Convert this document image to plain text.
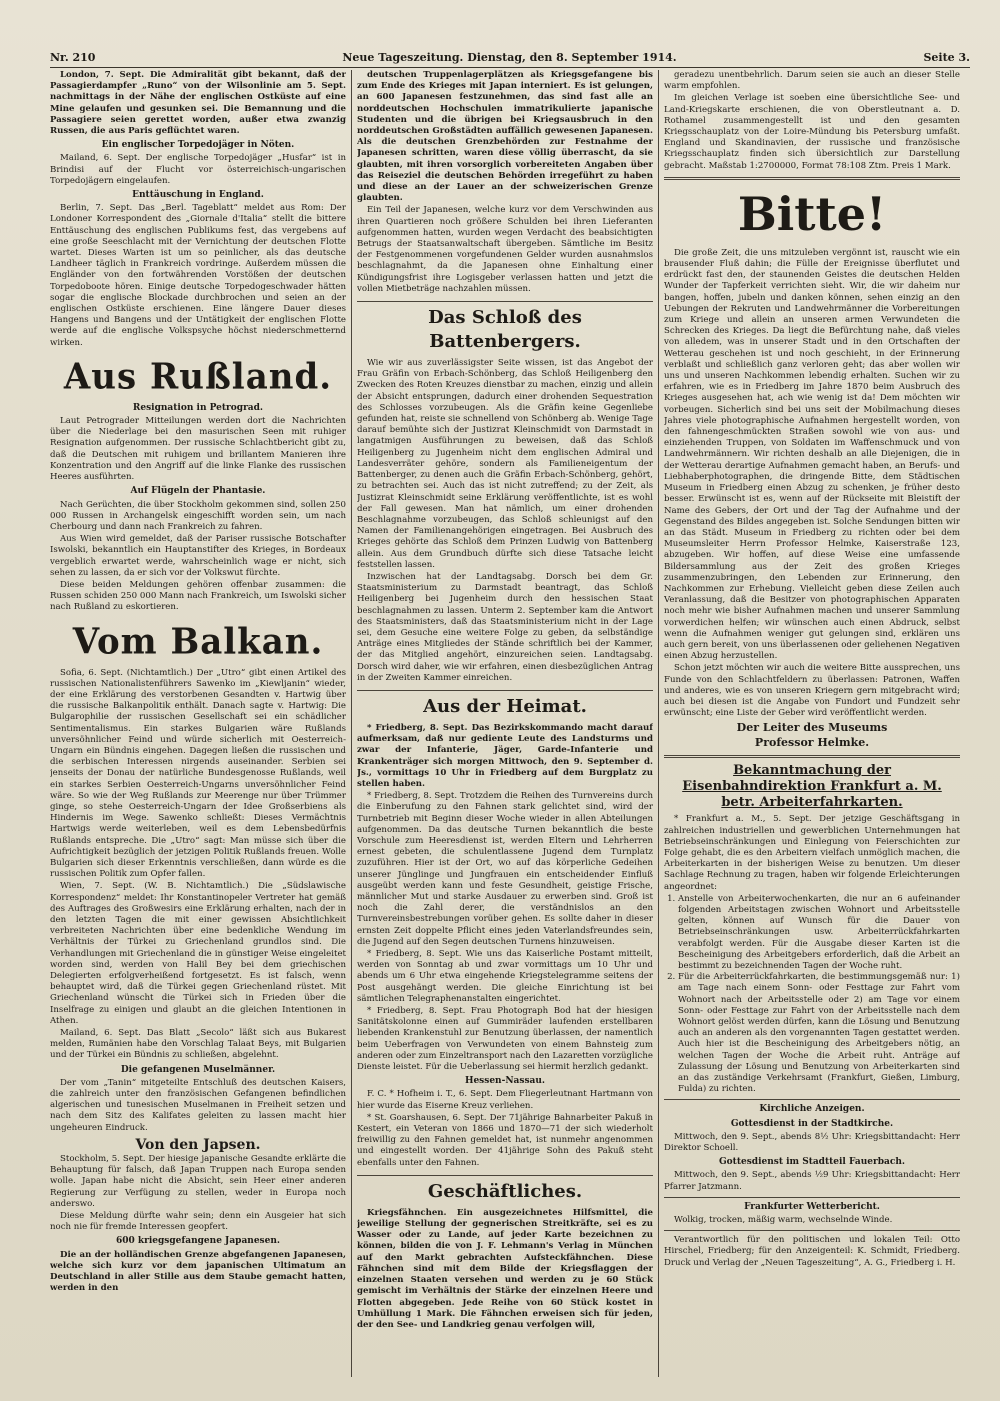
Nr. 210	Neue Tageszeitung. Dienstag, den 8. September 1914.	Seite 3.

London, 7. Sept. Die Admiralität gibt bekannt, daß der Passagierdampfer „Runo“ von der Wilsonlinie am 5. Sept. nachmittags in der Nähe der englischen Ostküste auf eine Mine gelaufen und gesunken sei. Die Bemannung und die Passagiere seien gerettet worden, außer etwa zwanzig Russen, die aus Paris geflüchtet waren.

Ein englischer Torpedojäger in Nöten.

Mailand, 6. Sept. Der englische Torpedojäger „Husfar“ ist in Brindisi auf der Flucht vor österreichisch-ungarischen Torpedojägern eingelaufen.

Enttäuschung in England.

Berlin, 7. Sept. Das „Berl. Tageblatt“ meldet aus Rom: Der Londoner Korrespondent des „Giornale d'Italia“ stellt die bittere Enttäuschung des englischen Publikums fest, das vergebens auf eine große Seeschlacht mit der Vernichtung der deutschen Flotte wartet. Dieses Warten ist um so peinlicher, als das deutsche Landheer täglich in Frankreich vordringe. Außerdem müssen die Engländer von den fortwährenden Vorstößen der deutschen Torpedoboote hören. Einige deutsche Torpedogeschwader hätten sogar die englische Blockade durchbrochen und seien an der englischen Ostküste erschienen. Eine längere Dauer dieses Hangens und Bangens und der Untätigkeit der englischen Flotte werde auf die englische Volkspsyche höchst niederschmetternd wirken.

Aus Rußland.
Resignation in Petrograd.

Laut Petrograder Mitteilungen werden dort die Nachrichten über die Niederlage bei den masurischen Seen mit ruhiger Resignation aufgenommen. Der russische Schlachtbericht gibt zu, daß die Deutschen mit ruhigem und brillantem Manieren ihre Konzentration und den Angriff auf die linke Flanke des russischen Heeres ausführten.

Auf Flügeln der Phantasie.

Nach Gerüchten, die über Stockholm gekommen sind, sollen 250 000 Russen in Archangelsk eingeschifft worden sein, um nach Cherbourg und dann nach Frankreich zu fahren.

Aus Wien wird gemeldet, daß der Pariser russische Botschafter Iswolski, bekanntlich ein Hauptanstifter des Krieges, in Bordeaux vergeblich erwartet werde, wahrscheinlich wage er nicht, sich sehen zu lassen, da er sich vor der Volkswut fürchte.

Diese beiden Meldungen gehören offenbar zusammen: die Russen schiden 250 000 Mann nach Frankreich, um Iswolski sicher nach Rußland zu eskortieren.

Vom Balkan.

Sofia, 6. Sept. (Nichtamtlich.) Der „Utro“ gibt einen Artikel des russischen Nationalistenführers Sawenko im „Kiewljanin“ wieder, der eine Erklärung des verstorbenen Gesandten v. Hartwig über die russische Balkanpolitik enthält. Danach sagte v. Hartwig: Die Bulgarophilie der russischen Gesellschaft sei ein schädlicher Sentimentalismus. Ein starkes Bulgarien wäre Rußlands unversöhnlicher Feind und würde sicherlich mit Oesterreich-Ungarn ein Bündnis eingehen. Dagegen ließen die russischen und die serbischen Interessen nirgends auseinander. Serbien sei jenseits der Donau der natürliche Bundesgenosse Rußlands, weil ein starkes Serbien Oesterreich-Ungarns unversöhnlicher Feind wäre. So wie der Weg Rußlands zur Meerenge nur über Trümmer ginge, so stehe Oesterreich-Ungarn der Idee Großserbiens als Hindernis im Wege. Sawenko schließt: Dieses Vermächtnis Hartwigs werde weiterleben, weil es dem Lebensbedürfnis Rußlands entspreche. Die „Utro“ sagt: Man müsse sich über die Aufrichtigkeit bezüglich der jetzigen Politik Rußlands freuen. Wolle Bulgarien sich dieser Erkenntnis verschließen, dann würde es die russischen Politik zum Opfer fallen.

Wien, 7. Sept. (W. B. Nichtamtlich.) Die „Südslawische Korrespondenz“ meldet: Ihr Konstantinopeler Vertreter hat gemäß des Auftrages des Großwesirs eine Erklärung erhalten, nach der in den letzten Tagen die mit einer gewissen Absichtlichkeit verbreiteten Nachrichten über eine bedenkliche Wendung im Verhältnis der Türkei zu Griechenland grundlos sind. Die Verhandlungen mit Griechenland die in günstiger Weise eingeleitet worden sind, werden von Halil Bey bei dem griechischen Delegierten erfolgverheißend fortgesetzt. Es ist falsch, wenn behauptet wird, daß die Türkei gegen Griechenland rüstet. Mit Griechenland wünscht die Türkei sich in Frieden über die Inselfrage zu einigen und glaubt an die gleichen Intentionen in Athen.

Mailand, 6. Sept. Das Blatt „Secolo“ läßt sich aus Bukarest melden, Rumänien habe den Vorschlag Talaat Beys, mit Bulgarien und der Türkei ein Bündnis zu schließen, abgelehnt.

Die gefangenen Muselmänner.

Der vom „Tanin“ mitgeteilte Entschluß des deutschen Kaisers, die zahlreich unter den französischen Gefangenen befindlichen algerischen und tunesischen Muselmanen in Freiheit setzen und nach dem Sitz des Kalifates geleiten zu lassen macht hier ungeheuren Eindruck.

Von den Japsen.

Stockholm, 5. Sept. Der hiesige japanische Gesandte erklärte die Behauptung für falsch, daß Japan Truppen nach Europa senden wolle. Japan habe nicht die Absicht, sein Heer einer anderen Regierung zur Verfügung zu stellen, weder in Europa noch anderswo.

Diese Meldung dürfte wahr sein; denn ein Ausgeier hat sich noch nie für fremde Interessen geopfert.

600 kriegsgefangene Japanesen.

Die an der holländischen Grenze abgefangenen Japanesen, welche sich kurz vor dem japanischen Ultimatum an Deutschland in aller Stille aus dem Staube gemacht hatten, werden in den

deutschen Truppenlagerplätzen als Kriegsgefangene bis zum Ende des Krieges mit Japan interniert. Es ist gelungen, an 600 Japanesen festzunehmen, das sind fast alle an norddeutschen Hochschulen immatrikulierte japanische Studenten und die übrigen bei Kriegsausbruch in den norddeutschen Großstädten auffällich gewesenen Japanesen. Als die deutschen Grenzbehörden zur Festnahme der Japanesen schritten, waren diese völlig überrascht, da sie glaubten, mit ihren vorsorglich vorbereiteten Angaben über das Reiseziel die deutschen Behörden irregeführt zu haben und diese an der Lauer an der schweizerischen Grenze glaubten.

Ein Teil der Japanesen, welche kurz vor dem Verschwinden aus ihren Quartieren noch größere Schulden bei ihren Lieferanten aufgenommen hatten, wurden wegen Verdacht des beabsichtigten Betrugs der Staatsanwaltschaft übergeben. Sämtliche im Besitz der Festgenommenen vorgefundenen Gelder wurden ausnahmslos beschlagnahmt, da die Japanesen ohne Einhaltung einer Kündigungsfrist ihre Logisgeber verlassen hatten und jetzt die vollen Mietbeträge nachzahlen müssen.

Das Schloß des Battenbergers.

Wie wir aus zuverlässigster Seite wissen, ist das Angebot der Frau Gräfin von Erbach-Schönberg, das Schloß Heiligenberg den Zwecken des Roten Kreuzes dienstbar zu machen, einzig und allein der Absicht entsprungen, dadurch einer drohenden Sequestration des Schlosses vorzubeugen. Als die Gräfin keine Gegenliebe gefunden hat, reiste sie schnellend von Schönberg ab. Wenige Tage darauf bemühte sich der Justizrat Kleinschmidt von Darmstadt in langatmigen Ausführungen zu beweisen, daß das Schloß Heiligenberg zu Jugenheim nicht dem englischen Admiral und Landesverräter gehöre, sondern als Familieneigentum der Battenberger, zu denen auch die Gräfin Erbach-Schönberg, gehört, zu betrachten sei. Auch das ist nicht zutreffend; zu der Zeit, als Justizrat Kleinschmidt seine Erklärung veröffentlichte, ist es wohl der Fall gewesen. Man hat nämlich, um einer drohenden Beschlagnahme vorzubeugen, das Schloß schleunigst auf den Namen der Familienangehörigen eingetragen. Bei Ausbruch des Krieges gehörte das Schloß dem Prinzen Ludwig von Battenberg allein. Aus dem Grundbuch dürfte sich diese Tatsache leicht feststellen lassen.

Inzwischen hat der Landtagsabg. Dorsch bei dem Gr. Staatsministerium zu Darmstadt beantragt, das Schloß Heiligenberg bei Jugenheim durch den hessischen Staat beschlagnahmen zu lassen. Unterm 2. September kam die Antwort des Staatsministers, daß das Staatsministerium nicht in der Lage sei, dem Gesuche eine weitere Folge zu geben, da selbständige Anträge eines Mitgliedes der Stände schriftlich bei der Kammer, der das Mitglied angehört, einzureichen seien. Landtagsabg. Dorsch wird daher, wie wir erfahren, einen diesbezüglichen Antrag in der Zweiten Kammer einreichen.

Aus der Heimat.

* Friedberg, 8. Sept. Das Bezirkskommando macht darauf aufmerksam, daß nur gediente Leute des Landsturms und zwar der Infanterie, Jäger, Garde-Infanterie und Krankenträger sich morgen Mittwoch, den 9. September d. Js., vormittags 10 Uhr in Friedberg auf dem Burgplatz zu stellen haben.

* Friedberg, 8. Sept. Trotzdem die Reihen des Turnvereins durch die Einberufung zu den Fahnen stark gelichtet sind, wird der Turnbetrieb mit Beginn dieser Woche wieder in allen Abteilungen aufgenommen. Da das deutsche Turnen bekanntlich die beste Vorschule zum Heeresdienst ist, werden Eltern und Lehrherren ernest gebeten, die schulentlassene Jugend dem Turnplatz zuzuführen. Hier ist der Ort, wo auf das körperliche Gedeihen unserer Jünglinge und Jungfrauen ein entscheidender Einfluß ausgeübt werden kann und feste Gesundheit, geistige Frische, männlicher Mut und starke Ausdauer zu erwerben sind. Groß ist noch die Zahl derer, die verständnislos an den Turnvereinsbestrebungen vorüber gehen. Es sollte daher in dieser ernsten Zeit doppelte Pflicht eines jeden Vaterlandsfreundes sein, die Jugend auf den Segen deutschen Turnens hinzuweisen.

* Friedberg, 8. Sept. Wie uns das Kaiserliche Postamt mitteilt, werden von Sonntag ab und zwar vormittags um 10 Uhr und abends um 6 Uhr etwa eingehende Kriegstelegramme seitens der Post ausgehängt werden. Die gleiche Einrichtung ist bei sämtlichen Telegraphenanstalten eingerichtet.

* Friedberg, 8. Sept. Frau Photograph Bod hat der hiesigen Sanitätskolonne einen auf Gummiräder laufenden erstellbaren liebenden Krankenstuhl zur Benutzung überlassen, der namentlich beim Ueberfragen von Verwundeten von einem Bahnsteig zum anderen oder zum Einzeltransport nach den Lazaretten vorzügliche Dienste leistet. Für die Ueberlassung sei hiermit herzlich gedankt.

Hessen-Nassau.

F. C. * Hofheim i. T., 6. Sept. Dem Fliegerleutnant Hartmann von hier wurde das Eiserne Kreuz verliehen.

* St. Goarshausen, 6. Sept. Der 71jährige Bahnarbeiter Pakuß in Kestert, ein Veteran von 1866 und 1870—71 der sich wiederholt freiwillig zu den Fahnen gemeldet hat, ist nunmehr angenommen und eingestellt worden. Der 41jährige Sohn des Pakuß steht ebenfalls unter den Fahnen.

Geschäftliches.

Kriegsfähnchen. Ein ausgezeichnetes Hilfsmittel, die jeweilige Stellung der gegnerischen Streitkräfte, sei es zu Wasser oder zu Lande, auf jeder Karte bezeichnen zu können, bilden die von J. F. Lehmann's Verlag in München auf den Markt gebrachten Aufsteckfähnchen. Diese Fähnchen sind mit dem Bilde der Kriegsflaggen der einzelnen Staaten versehen und werden zu je 60 Stück gemischt im Verhältnis der Stärke der einzelnen Heere und Flotten abgegeben. Jede Reihe von 60 Stück kostet in Umhüllung 1 Mark. Die Fähnchen erweisen sich für jeden, der den See- und Landkrieg genau verfolgen will,

geradezu unentbehrlich. Darum seien sie auch an dieser Stelle warm empfohlen.

Im gleichen Verlage ist soeben eine übersichtliche See- und Land-Kriegskarte erschienen, die von Oberstleutnant a. D. Rothamel zusammengestellt ist und den gesamten Kriegsschauplatz von der Loire-Mündung bis Petersburg umfaßt. England und Skandinavien, der russische und französische Kriegsschauplatz finden sich übersichtlich zur Darstellung gebracht. Maßstab 1:2700000, Format 78:108 Ztm. Preis 1 Mark.

Bitte!

Die große Zeit, die uns mitzuleben vergönnt ist, rauscht wie ein brausender Fluß dahin; die Fülle der Ereignisse überflutet und erdrückt fast den, der staunenden Geistes die deutschen Helden Wunder der Tapferkeit verrichten sieht. Wir, die wir daheim nur bangen, hoffen, jubeln und danken können, sehen einzig an den Uebungen der Rekruten und Landwehrmänner die Vorbereitungen zum Kriege und allein an unseren armen Verwundeten die Schrecken des Krieges. Da liegt die Befürchtung nahe, daß vieles von alledem, was in unserer Stadt und in den Ortschaften der Wetterau geschehen ist und noch geschieht, in der Erinnerung verblaßt und schließlich ganz verloren geht; das aber wollen wir uns und unseren Nachkommen lebendig erhalten. Suchen wir zu erfahren, wie es in Friedberg im Jahre 1870 beim Ausbruch des Krieges ausgesehen hat, ach wie wenig ist da! Dem möchten wir vorbeugen. Sicherlich sind bei uns seit der Mobilmachung dieses Jahres viele photographische Aufnahmen hergestellt worden, von den fahnengeschmückten Straßen sowohl wie von aus- und einziehenden Truppen, von Soldaten im Waffenschmuck und von Landwehrmännern. Wir richten deshalb an alle Diejenigen, die in der Wetterau derartige Aufnahmen gemacht haben, an Berufs- und Liebhaberphotographen, die dringende Bitte, dem Städtischen Museum in Friedberg einen Abzug zu schenken, je früher desto besser. Erwünscht ist es, wenn auf der Rückseite mit Bleistift der Name des Gebers, der Ort und der Tag der Aufnahme und der Gegenstand des Bildes angegeben ist. Solche Sendungen bitten wir an das Städt. Museum in Friedberg zu richten oder bei dem Museumsleiter Herrn Professor Helmke, Kaiserstraße 123, abzugeben. Wir hoffen, auf diese Weise eine umfassende Bildersammlung aus der Zeit des großen Krieges zusammenzubringen, den Lebenden zur Erinnerung, den Nachkommen zur Erhebung. Vielleicht geben diese Zeilen auch Veranlassung, daß die Besitzer von photographischen Apparaten noch mehr wie bisher Aufnahmen machen und unserer Sammlung vorwerdichen helfen; wir wünschen auch einen Abdruck, selbst wenn die Aufnahmen weniger gut gelungen sind, erklären uns auch gern bereit, von uns überlassenen oder geliehenen Negativen einen Abzug herzustellen.

Schon jetzt möchten wir auch die weitere Bitte aussprechen, uns Funde von den Schlachtfeldern zu überlassen: Patronen, Waffen und anderes, wie es von unseren Kriegern gern mitgebracht wird; auch bei diesen ist die Angabe von Fundort und Fundzeit sehr erwünscht; eine Liste der Geber wird veröffentlicht werden.

Der Leiter des Museums
Professor Helmke.
Bekanntmachung der Eisenbahndirektion Frankfurt a. M. betr. Arbeiterfahrkarten.

* Frankfurt a. M., 5. Sept. Der jetzige Geschäftsgang in zahlreichen industriellen und gewerblichen Unternehmungen hat Betriebseinschränkungen und Einlegung von Feierschichten zur Folge gehabt, die es den Arbeitern vielfach unmöglich machen, die Arbeiterkarten in der bisherigen Weise zu benutzen. Um dieser Sachlage Rechnung zu tragen, haben wir folgende Erleichterungen angeordnet:

1. Anstelle von Arbeiterwochenkarten, die nur an 6 aufeinander folgenden Arbeitstagen zwischen Wohnort und Arbeitsstelle gelten, können auf Wunsch für die Dauer von Betriebseinschränkungen usw. Arbeiterrückfahrkarten verabfolgt werden. Für die Ausgabe dieser Karten ist die Bescheinigung des Arbeitgebers erforderlich, daß die Arbeit an bestimmt zu bezeichnenden Tagen der Woche ruht.
2. Für die Arbeiterrückfahrkarten, die bestimmungsgemäß nur: 1) am Tage nach einem Sonn- oder Festtage zur Fahrt vom Wohnort nach der Arbeitsstelle oder 2) am Tage vor einem Sonn- oder Festtage zur Fahrt von der Arbeitsstelle nach dem Wohnort gelöst werden dürfen, kann die Lösung und Benutzung auch an anderen als den vorgenannten Tagen gestattet werden. Auch hier ist die Bescheinigung des Arbeitgebers nötig, an welchen Tagen der Woche die Arbeit ruht. Anträge auf Zulassung der Lösung und Benutzung von Arbeiterkarten sind an das zuständige Verkehrsamt (Frankfurt, Gießen, Limburg, Fulda) zu richten.
Kirchliche Anzeigen.
Gottesdienst in der Stadtkirche.

Mittwoch, den 9. Sept., abends 8½ Uhr: Kriegsbittandacht: Herr Direktor Schoell.

Gottesdienst im Stadtteil Fauerbach.

Mittwoch, den 9. Sept., abends ½9 Uhr: Kriegsbittandacht: Herr Pfarrer Jatzmann.

Frankfurter Wetterbericht.

Wolkig, trocken, mäßig warm, wechselnde Winde.

Verantwortlich für den politischen und lokalen Teil: Otto Hirschel, Friedberg; für den Anzeigenteil: K. Schmidt, Friedberg. Druck und Verlag der „Neuen Tageszeitung“, A. G., Friedberg i. H.
